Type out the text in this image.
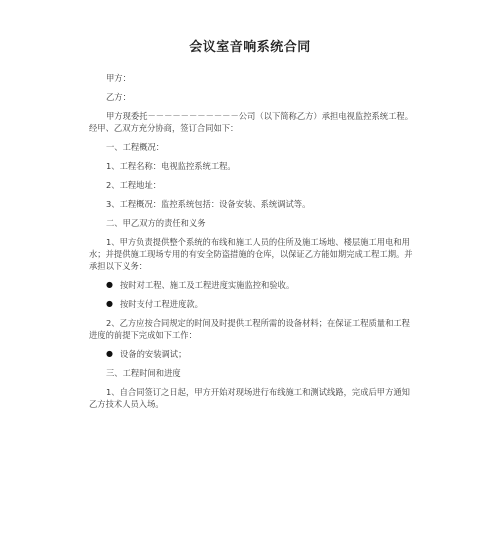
会议室音响系统合同

甲方：

乙方：

甲方现委托－－－－－－－－－－－公司（以下简称乙方）承担电视监控系统工程。经甲、乙双方充分协商，签订合同如下：

一、工程概况：

1、工程名称：电视监控系统工程。

2、工程地址：

3、工程概况：监控系统包括：设备安装、系统调试等。

二、甲乙双方的责任和义务

1、甲方负责提供整个系统的布线和施工人员的住所及施工场地、楼层施工用电和用水；并提供施工现场专用的有安全防盗措施的仓库，以保证乙方能如期完成工程工期。并承担以下义务：

● 按时对工程、施工及工程进度实施监控和验收。

● 按时支付工程进度款。

2、乙方应按合同规定的时间及时提供工程所需的设备材料；在保证工程质量和工程进度的前提下完成如下工作：

● 设备的安装调试；

三、工程时间和进度

1、自合同签订之日起，甲方开始对现场进行布线施工和测试线路，完成后甲方通知乙方技术人员入场。
